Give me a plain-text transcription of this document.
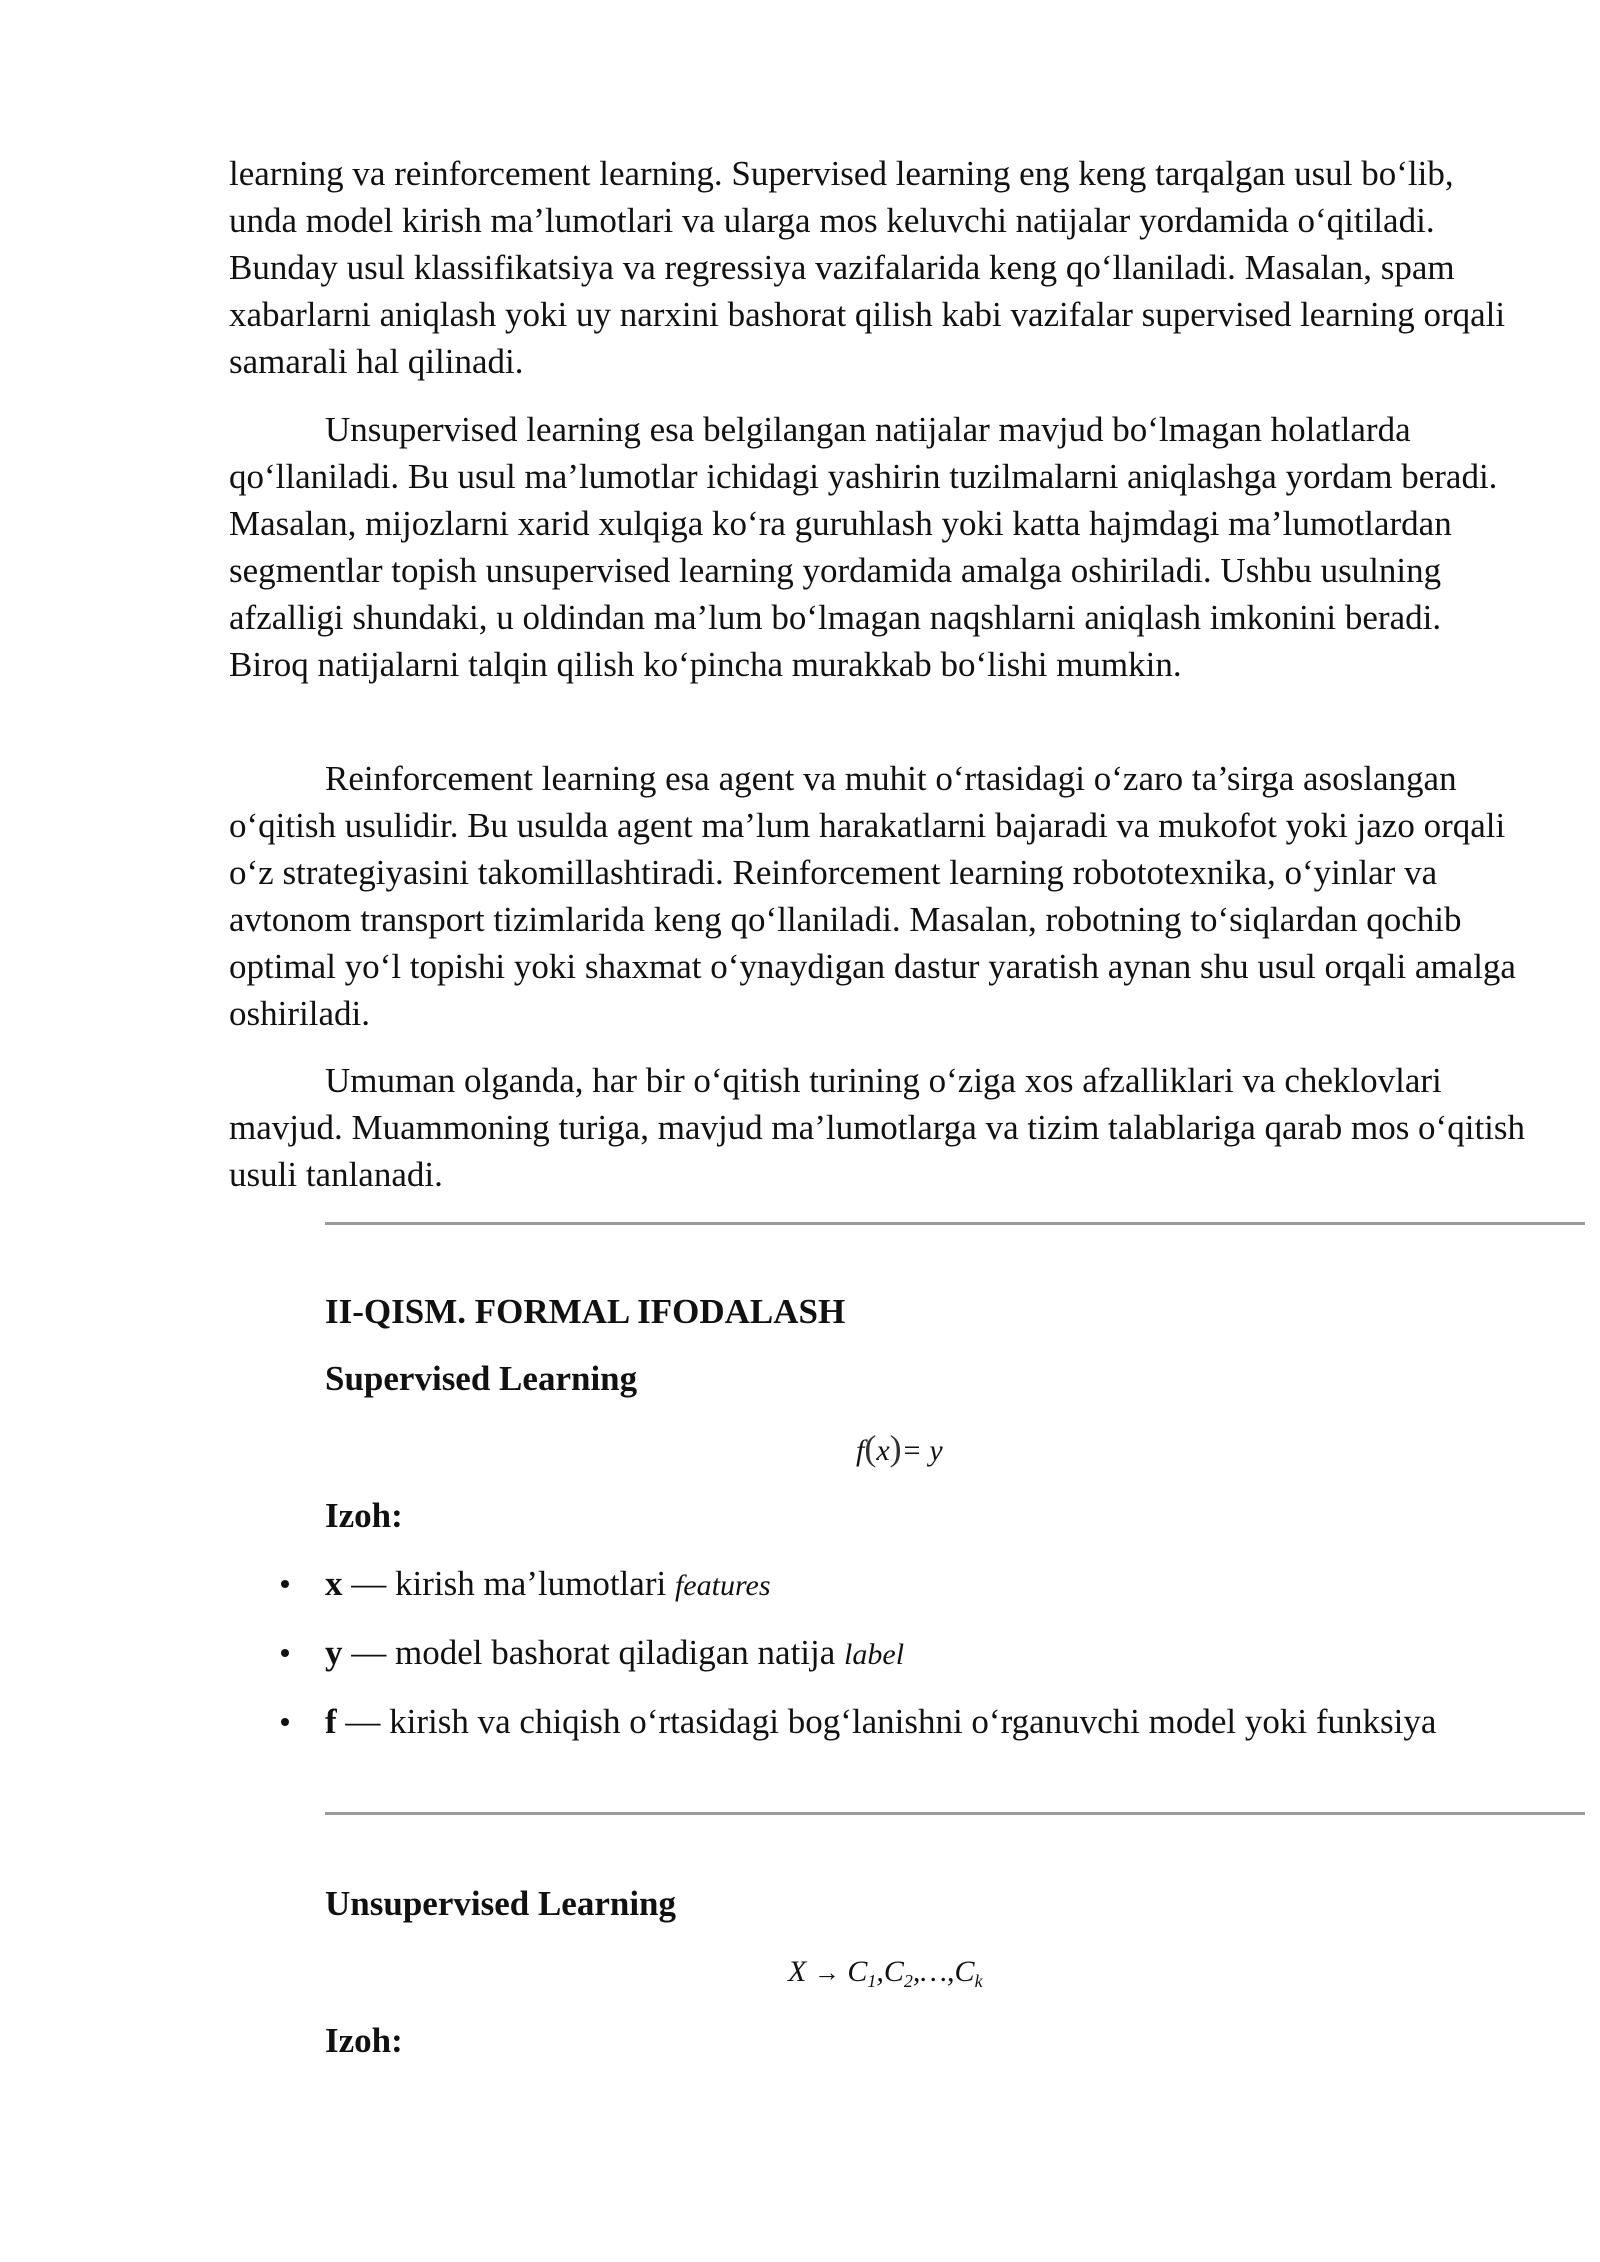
learning va reinforcement learning. Supervised learning eng keng tarqalgan usul bo‘lib, unda model kirish ma’lumotlari va ularga mos keluvchi natijalar yordamida o‘qitiladi. Bunday usul klassifikatsiya va regressiya vazifalarida keng qo‘llaniladi. Masalan, spam xabarlarni aniqlash yoki uy narxini bashorat qilish kabi vazifalar supervised learning orqali samarali hal qilinadi.

Unsupervised learning esa belgilangan natijalar mavjud bo‘lmagan holatlarda qo‘llaniladi. Bu usul ma’lumotlar ichidagi yashirin tuzilmalarni aniqlashga yordam beradi. Masalan, mijozlarni xarid xulqiga ko‘ra guruhlash yoki katta hajmdagi ma’lumotlardan segmentlar topish unsupervised learning yordamida amalga oshiriladi. Ushbu usulning afzalligi shundaki, u oldindan ma’lum bo‘lmagan naqshlarni aniqlash imkonini beradi. Biroq natijalarni talqin qilish ko‘pincha murakkab bo‘lishi mumkin.

Reinforcement learning esa agent va muhit o‘rtasidagi o‘zaro ta’sirga asoslangan o‘qitish usulidir. Bu usulda agent ma’lum harakatlarni bajaradi va mukofot yoki jazo orqali o‘z strategiyasini takomillashtiradi. Reinforcement learning robototexnika, o‘yinlar va avtonom transport tizimlarida keng qo‘llaniladi. Masalan, robotning to‘siqlardan qochib optimal yo‘l topishi yoki shaxmat o‘ynaydigan dastur yaratish aynan shu usul orqali amalga oshiriladi.

Umuman olganda, har bir o‘qitish turining o‘ziga xos afzalliklari va cheklovlari mavjud. Muammoning turiga, mavjud ma’lumotlarga va tizim talablariga qarab mos o‘qitish usuli tanlanadi.

II-QISM. FORMAL IFODALASH
Supervised Learning
f(x)= y
Izoh:
x — kirish ma’lumotlari features
y — model bashorat qiladigan natija label
f — kirish va chiqish o‘rtasidagi bog‘lanishni o‘rganuvchi model yoki funksiya
Unsupervised Learning
$X \to C_1,C_2,\dots,C_k$
Izoh:
